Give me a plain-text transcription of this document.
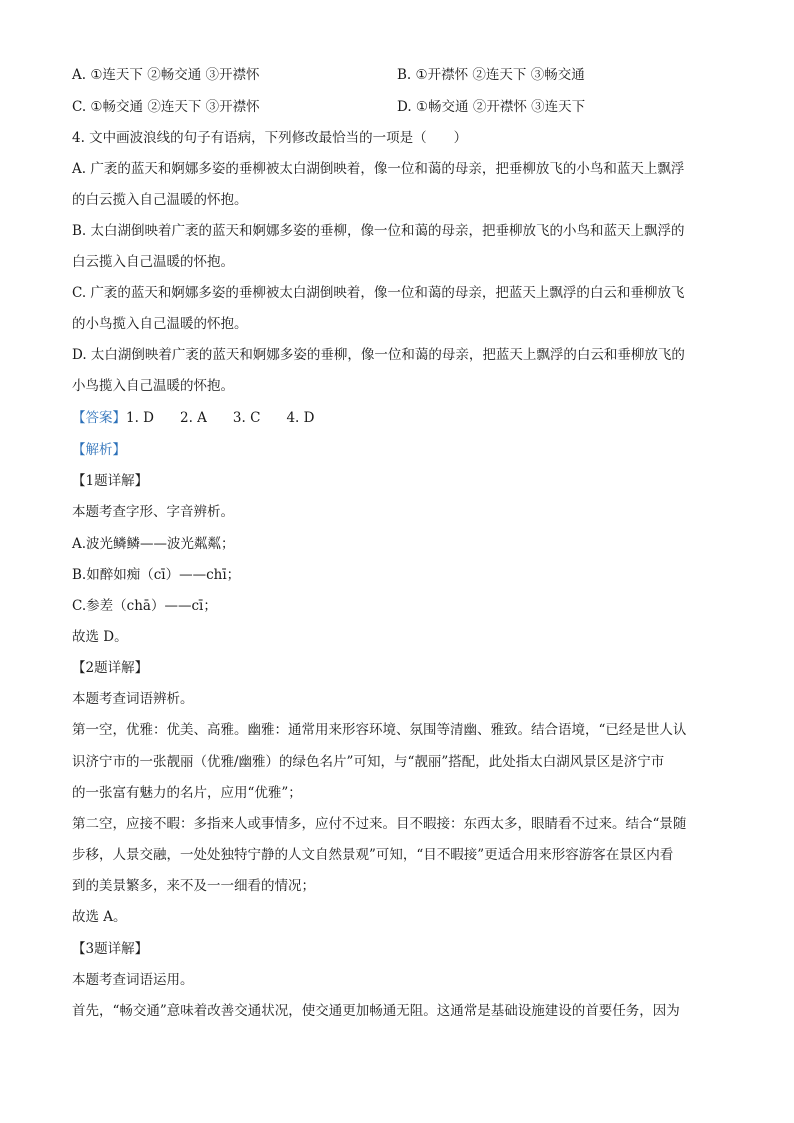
A. ①连天下 ②畅交通 ③开襟怀	B. ①开襟怀 ②连天下 ③畅交通
C. ①畅交通 ②连天下 ③开襟怀	D. ①畅交通 ②开襟怀 ③连天下
4. 文中画波浪线的句子有语病，下列修改最恰当的一项是（　　）
A. 广袤的蓝天和婀娜多姿的垂柳被太白湖倒映着，像一位和蔼的母亲，把垂柳放飞的小鸟和蓝天上飘浮
的白云揽入自己温暖的怀抱。
B. 太白湖倒映着广袤的蓝天和婀娜多姿的垂柳，像一位和蔼的母亲，把垂柳放飞的小鸟和蓝天上飘浮的
白云揽入自己温暖的怀抱。
C. 广袤的蓝天和婀娜多姿的垂柳被太白湖倒映着，像一位和蔼的母亲，把蓝天上飘浮的白云和垂柳放飞
的小鸟揽入自己温暖的怀抱。
D. 太白湖倒映着广袤的蓝天和婀娜多姿的垂柳，像一位和蔼的母亲，把蓝天上飘浮的白云和垂柳放飞的
小鸟揽入自己温暖的怀抱。
【答案】1. D 2. A 3. C 4. D
【解析】
【1题详解】
本题考查字形、字音辨析。
A.波光鳞鳞——波光粼粼；
B.如醉如痴（cī）——chī；
C.参差（chā）——cī；
故选 D。
【2题详解】
本题考查词语辨析。
第一空，优雅：优美、高雅。幽雅：通常用来形容环境、氛围等清幽、雅致。结合语境，“已经是世人认
识济宁市的一张靓丽（优雅/幽雅）的绿色名片”可知，与“靓丽”搭配，此处指太白湖风景区是济宁市
的一张富有魅力的名片，应用“优雅”；
第二空，应接不暇：多指来人或事情多，应付不过来。目不暇接：东西太多，眼睛看不过来。结合“景随
步移，人景交融，一处处独特宁静的人文自然景观”可知，“目不暇接”更适合用来形容游客在景区内看
到的美景繁多，来不及一一细看的情况；
故选 A。
【3题详解】
本题考查词语运用。
首先，“畅交通”意味着改善交通状况，使交通更加畅通无阻。这通常是基础设施建设的首要任务，因为
